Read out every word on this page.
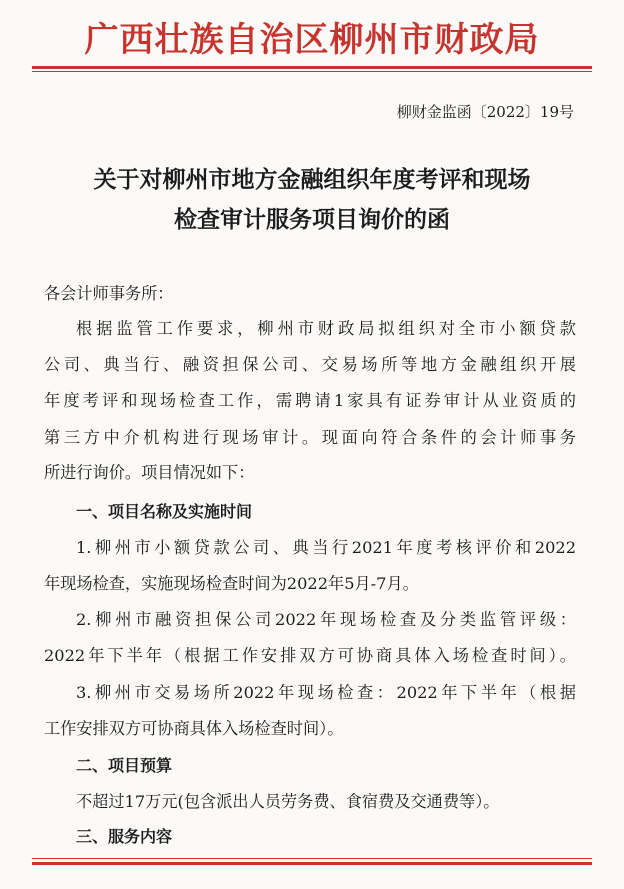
广西壮族自治区柳州市财政局
柳财金监函〔2022〕19号
关于对柳州市地方金融组织年度考评和现场
检查审计服务项目询价的函
各会计师事务所：
根据监管工作要求，柳州市财政局拟组织对全市小额贷款
公司、典当行、融资担保公司、交易场所等地方金融组织开展
年度考评和现场检查工作，需聘请1家具有证券审计从业资质的
第三方中介机构进行现场审计。现面向符合条件的会计师事务
所进行询价。项目情况如下：
一、项目名称及实施时间
1.柳州市小额贷款公司、典当行2021年度考核评价和2022
年现场检查，实施现场检查时间为2022年5月-7月。
2.柳州市融资担保公司2022年现场检查及分类监管评级：
2022年下半年（根据工作安排双方可协商具体入场检查时间）。
3.柳州市交易场所2022年现场检查：2022年下半年（根据
工作安排双方可协商具体入场检查时间）。
二、项目预算
不超过17万元(包含派出人员劳务费、食宿费及交通费等）。
三、服务内容
